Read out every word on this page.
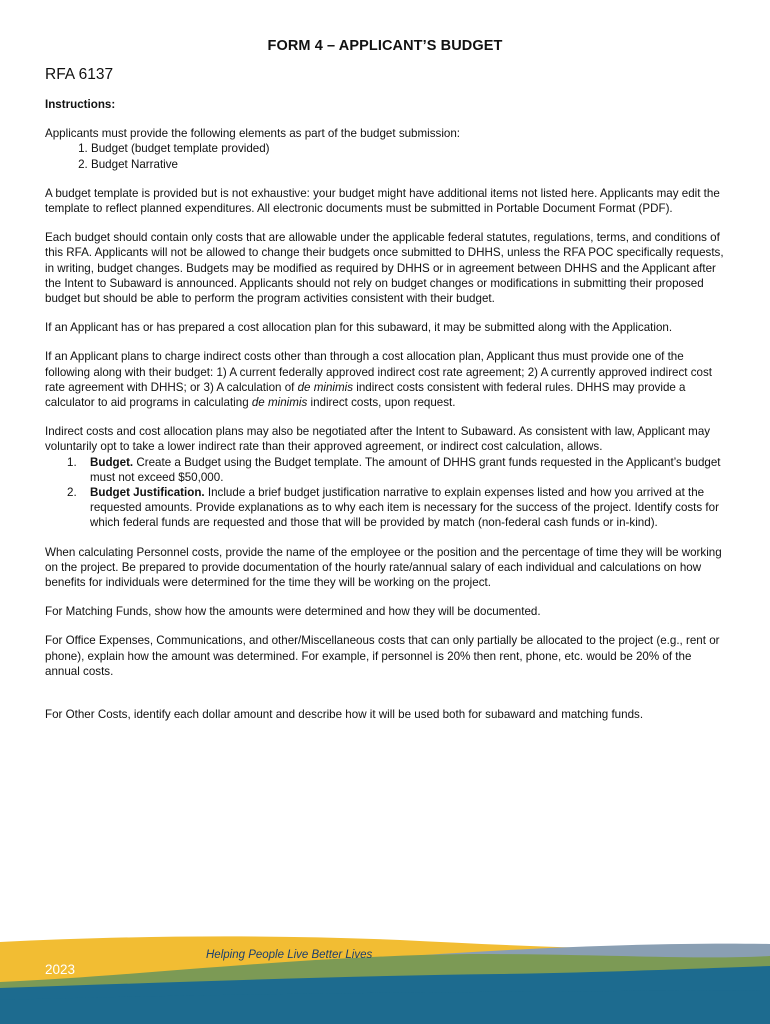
FORM 4 – APPLICANT’S BUDGET
RFA 6137

Instructions:

Applicants must provide the following elements as part of the budget submission:

1. Budget (budget template provided)
2. Budget Narrative

A budget template is provided but is not exhaustive: your budget might have additional items not listed here. Applicants may edit the template to reflect planned expenditures. All electronic documents must be submitted in Portable Document Format (PDF).

Each budget should contain only costs that are allowable under the applicable federal statutes, regulations, terms, and conditions of this RFA. Applicants will not be allowed to change their budgets once submitted to DHHS, unless the RFA POC specifically requests, in writing, budget changes. Budgets may be modified as required by DHHS or in agreement between DHHS and the Applicant after the Intent to Subaward is announced. Applicants should not rely on budget changes or modifications in submitting their proposed budget but should be able to perform the program activities consistent with their budget.

If an Applicant has or has prepared a cost allocation plan for this subaward, it may be submitted along with the Application.

If an Applicant plans to charge indirect costs other than through a cost allocation plan, Applicant thus must provide one of the following along with their budget: 1) A current federally approved indirect cost rate agreement; 2) A currently approved indirect cost rate agreement with DHHS; or 3) A calculation of de minimis indirect costs consistent with federal rules. DHHS may provide a calculator to aid programs in calculating de minimis indirect costs, upon request.

Indirect costs and cost allocation plans may also be negotiated after the Intent to Subaward. As consistent with law, Applicant may voluntarily opt to take a lower indirect rate than their approved agreement, or indirect cost calculation, allows.

1. Budget. Create a Budget using the Budget template. The amount of DHHS grant funds requested in the Applicant’s budget must not exceed $50,000.
2. Budget Justification. Include a brief budget justification narrative to explain expenses listed and how you arrived at the requested amounts. Provide explanations as to why each item is necessary for the success of the project. Identify costs for which federal funds are requested and those that will be provided by match (non-federal cash funds or in-kind).

When calculating Personnel costs, provide the name of the employee or the position and the percentage of time they will be working on the project. Be prepared to provide documentation of the hourly rate/annual salary of each individual and calculations on how benefits for individuals were determined for the time they will be working on the project.

For Matching Funds, show how the amounts were determined and how they will be documented.

For Office Expenses, Communications, and other/Miscellaneous costs that can only partially be allocated to the project (e.g., rent or phone), explain how the amount was determined. For example, if personnel is 20% then rent, phone, etc. would be 20% of the annual costs.

For Other Costs, identify each dollar amount and describe how it will be used both for subaward and matching funds.

Helping People Live Better Lives
2023
